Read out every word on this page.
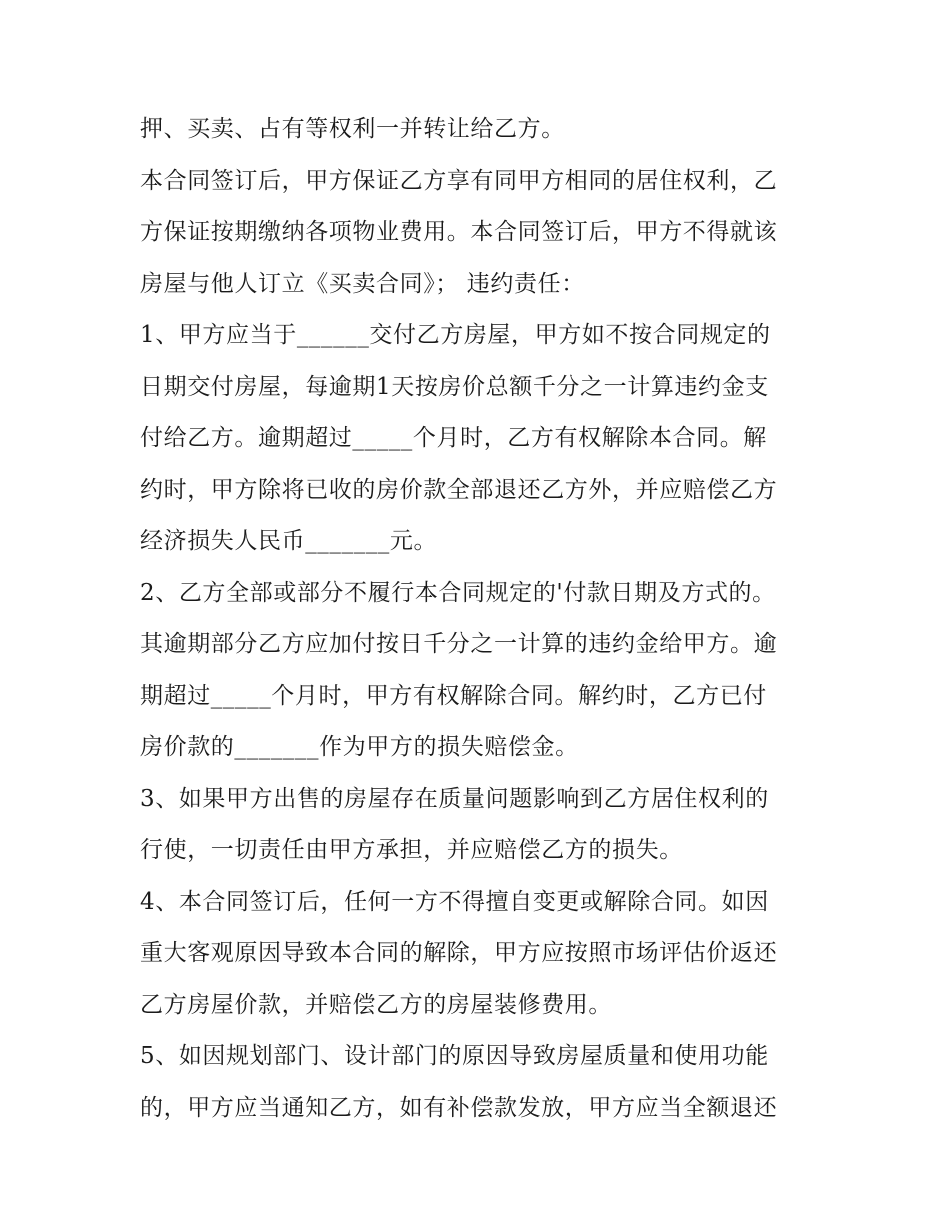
押、买卖、占有等权利一并转让给乙方。
本合同签订后，甲方保证乙方享有同甲方相同的居住权利，乙
方保证按期缴纳各项物业费用。本合同签订后，甲方不得就该
房屋与他人订立《买卖合同》； 违约责任：
1、甲方应当于______交付乙方房屋，甲方如不按合同规定的
日期交付房屋，每逾期1天按房价总额千分之一计算违约金支
付给乙方。逾期超过_____个月时，乙方有权解除本合同。解
约时，甲方除将已收的房价款全部退还乙方外，并应赔偿乙方
经济损失人民币_______元。
2、乙方全部或部分不履行本合同规定的'付款日期及方式的。
其逾期部分乙方应加付按日千分之一计算的违约金给甲方。逾
期超过_____个月时，甲方有权解除合同。解约时，乙方已付
房价款的_______作为甲方的损失赔偿金。
3、如果甲方出售的房屋存在质量问题影响到乙方居住权利的
行使，一切责任由甲方承担，并应赔偿乙方的损失。
4、本合同签订后，任何一方不得擅自变更或解除合同。如因
重大客观原因导致本合同的解除，甲方应按照市场评估价返还
乙方房屋价款，并赔偿乙方的房屋装修费用。
5、如因规划部门、设计部门的原因导致房屋质量和使用功能
的，甲方应当通知乙方，如有补偿款发放，甲方应当全额退还
